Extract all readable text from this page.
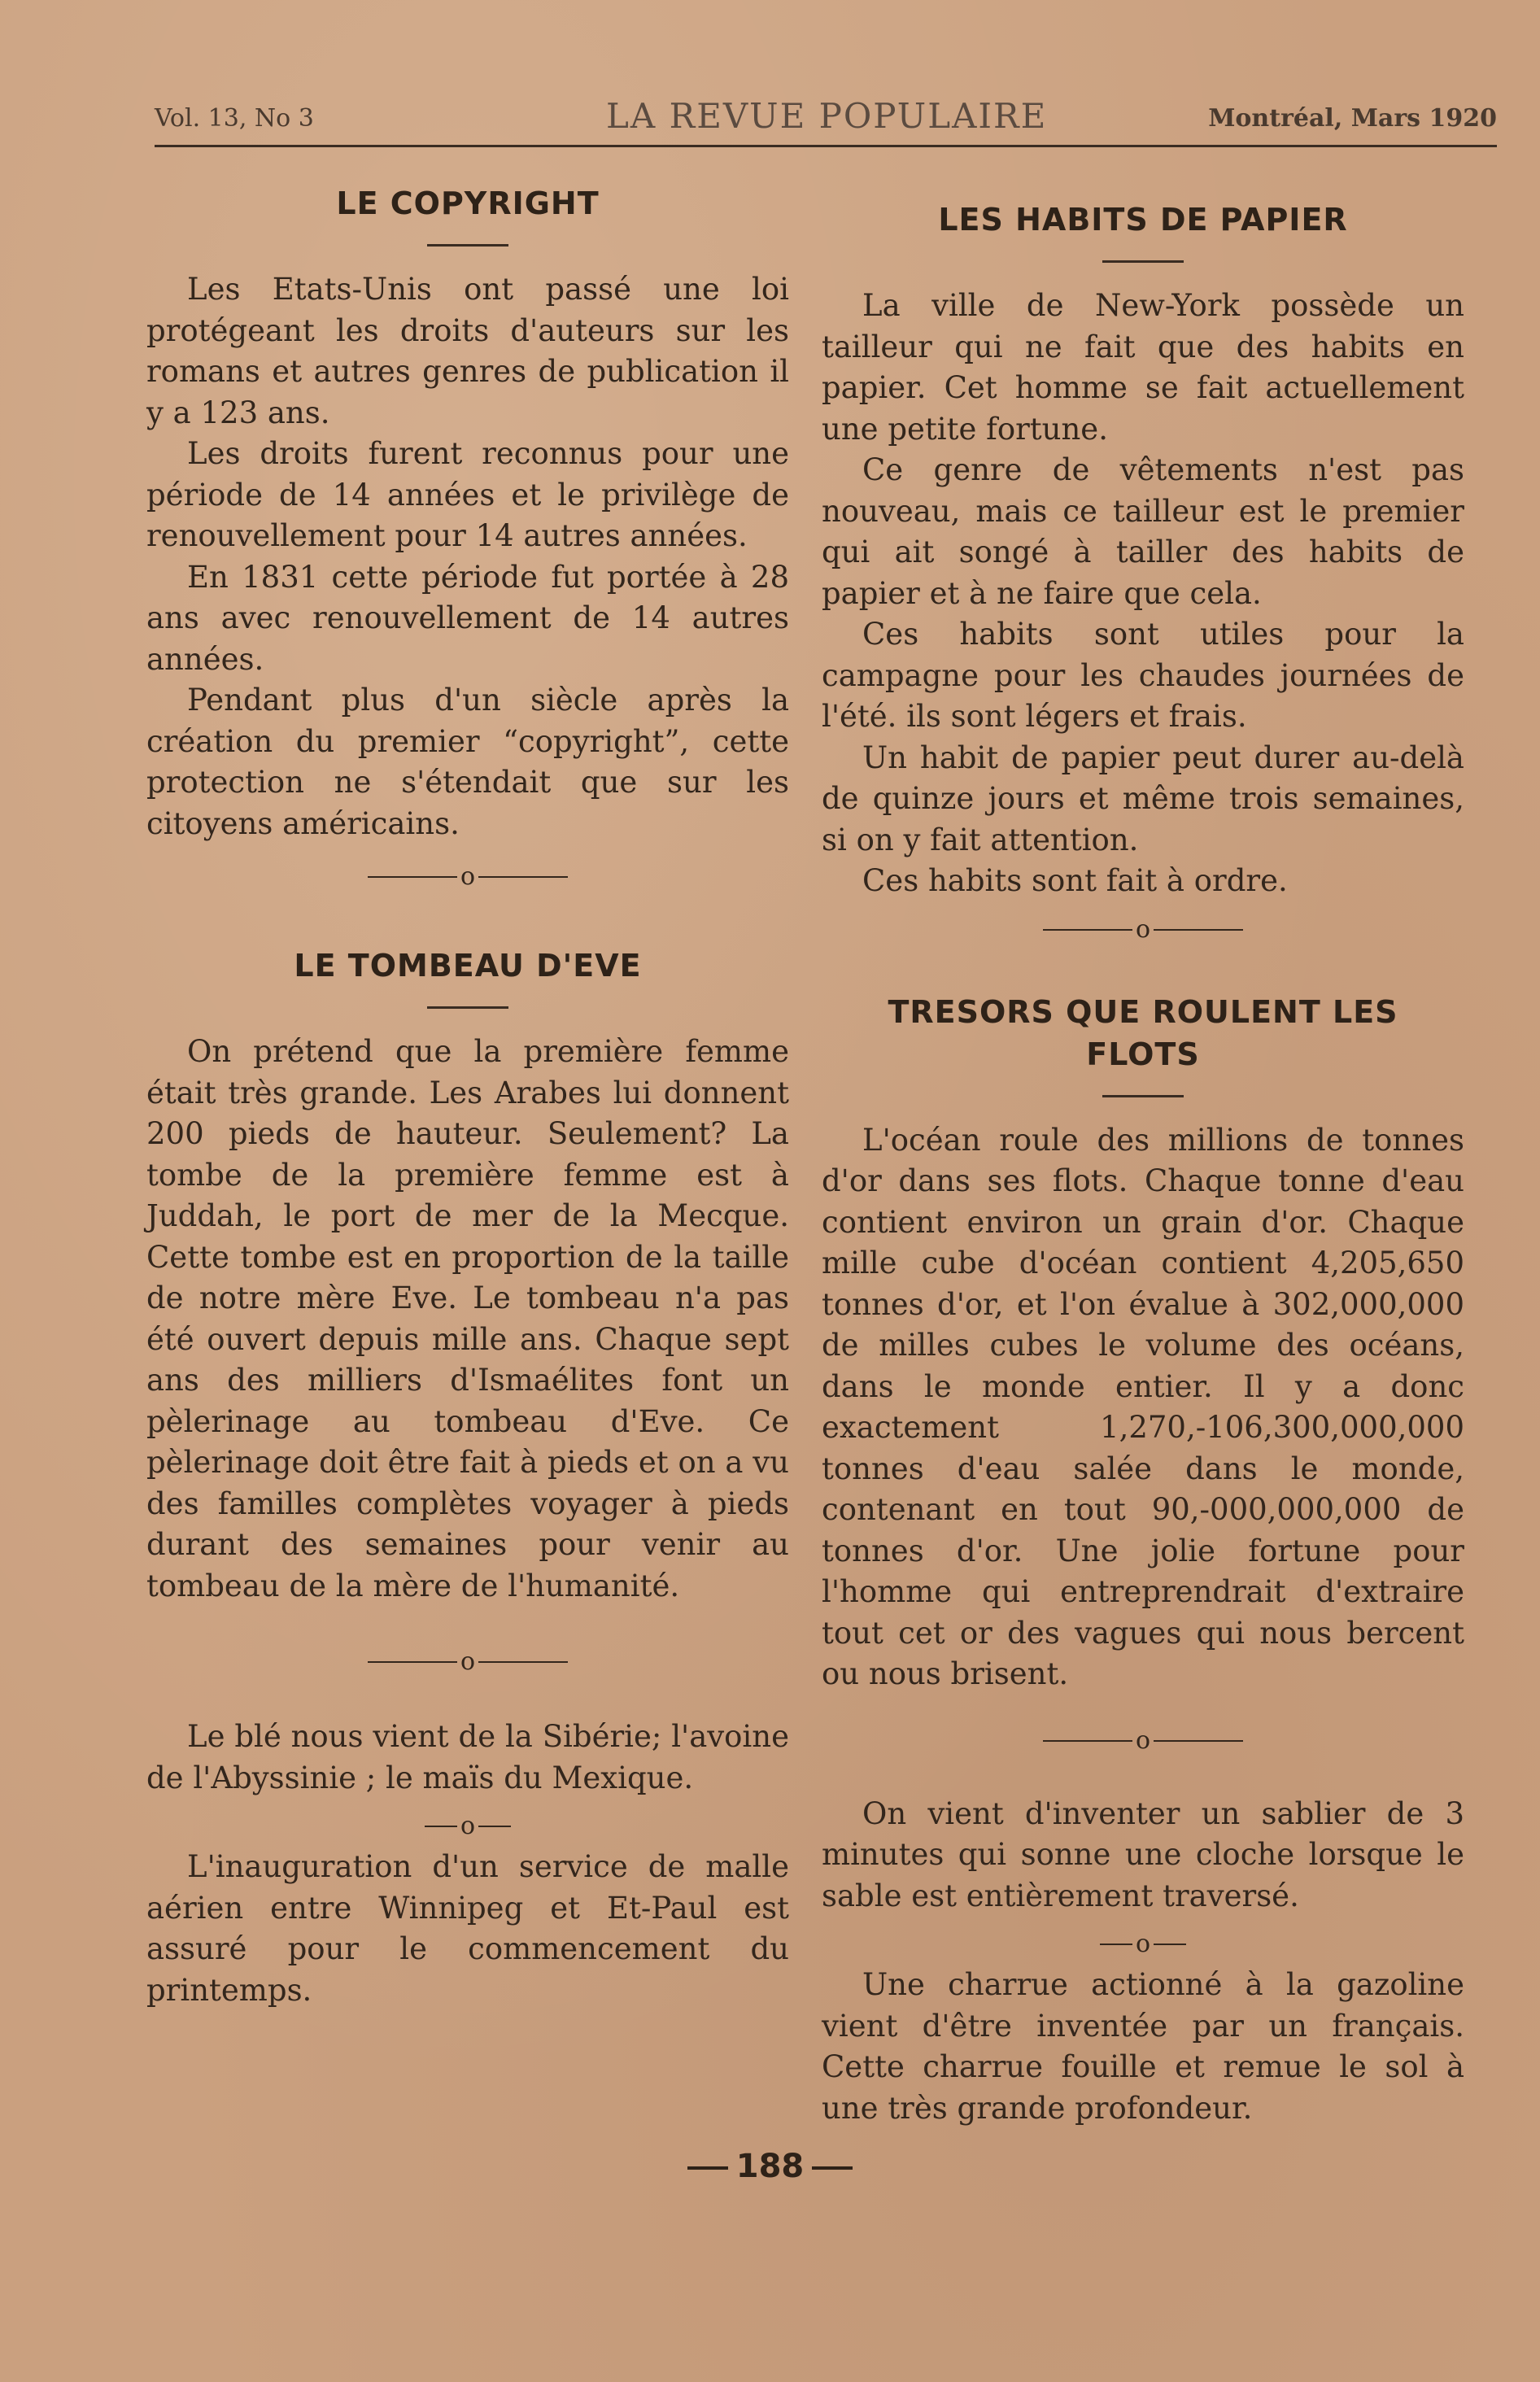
Vol. 13, No 3	LA REVUE POPULAIRE	Montréal, Mars 1920
LE COPYRIGHT

Les Etats-Unis ont passé une loi protégeant les droits d'auteurs sur les romans et autres genres de publication il y a 123 ans.

Les droits furent reconnus pour une période de 14 années et le privilège de renouvellement pour 14 autres années.

En 1831 cette période fut portée à 28 ans avec renouvellement de 14 autres années.

Pendant plus d'un siècle après la création du premier “copyright”, cette protection ne s'étendait que sur les citoyens américains.

o
LE TOMBEAU D'EVE

On prétend que la première femme était très grande. Les Arabes lui donnent 200 pieds de hauteur. Seulement? La tombe de la première femme est à Juddah, le port de mer de la Mecque. Cette tombe est en proportion de la taille de notre mère Eve. Le tombeau n'a pas été ouvert depuis mille ans. Chaque sept ans des milliers d'Ismaélites font un pèlerinage au tombeau d'Eve. Ce pèlerinage doit être fait à pieds et on a vu des familles complètes voyager à pieds durant des semaines pour venir au tombeau de la mère de l'humanité.

o

Le blé nous vient de la Sibérie; l'avoine de l'Abyssinie ; le maïs du Mexique.

o

L'inauguration d'un service de malle aérien entre Winnipeg et Et-Paul est assuré pour le commencement du printemps.

LES HABITS DE PAPIER

La ville de New-York possède un tailleur qui ne fait que des habits en papier. Cet homme se fait actuellement une petite fortune.

Ce genre de vêtements n'est pas nouveau, mais ce tailleur est le premier qui ait songé à tailler des habits de papier et à ne faire que cela.

Ces habits sont utiles pour la campagne pour les chaudes journées de l'été. ils sont légers et frais.

Un habit de papier peut durer au-delà de quinze jours et même trois semaines, si on y fait attention.

Ces habits sont fait à ordre.

o
TRESORS QUE ROULENT LES FLOTS

L'océan roule des millions de tonnes d'or dans ses flots. Chaque tonne d'eau contient environ un grain d'or. Chaque mille cube d'océan contient 4,205,650 tonnes d'or, et l'on évalue à 302,000,000 de milles cubes le volume des océans, dans le monde entier. Il y a donc exactement 1,270,-106,300,000,000 tonnes d'eau salée dans le monde, contenant en tout 90,-000,000,000 de tonnes d'or. Une jolie fortune pour l'homme qui entreprendrait d'extraire tout cet or des vagues qui nous bercent ou nous brisent.

o

On vient d'inventer un sablier de 3 minutes qui sonne une cloche lorsque le sable est entièrement traversé.

o

Une charrue actionné à la gazoline vient d'être inventée par un français. Cette charrue fouille et remue le sol à une très grande profondeur.

188
